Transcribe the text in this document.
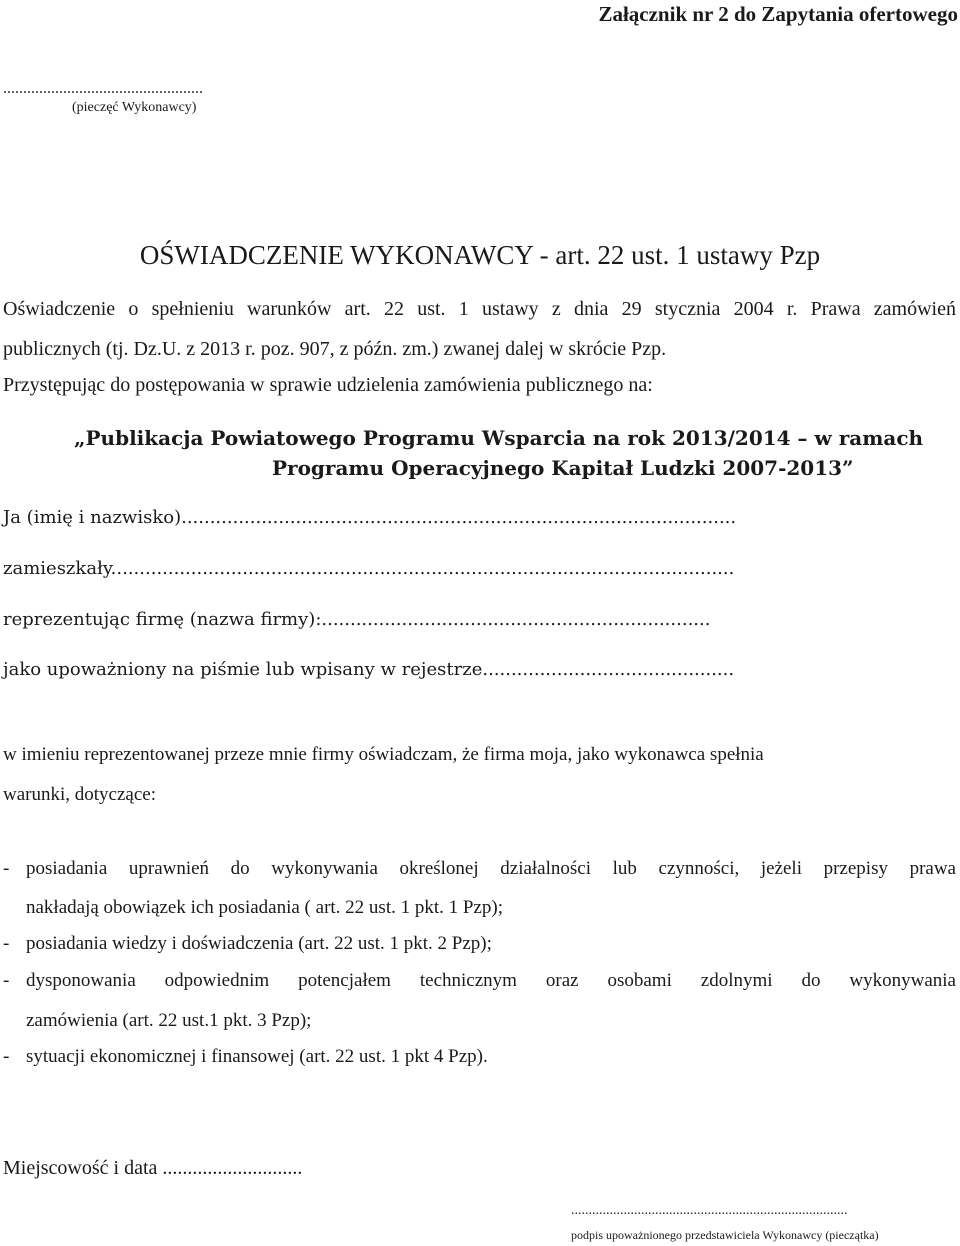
Załącznik nr 2 do Zapytania ofertowego
..................................................
(pieczęć Wykonawcy)
OŚWIADCZENIE WYKONAWCY - art. 22 ust. 1 ustawy Pzp
Oświadczenie o spełnieniu warunków art. 22 ust. 1 ustawy z dnia 29 stycznia 2004 r. Prawa zamówień
publicznych (tj. Dz.U. z 2013 r. poz. 907, z późn. zm.) zwanej dalej w skrócie Pzp.
Przystępując do postępowania w sprawie udzielenia zamówienia publicznego na:
„Publikacja Powiatowego Programu Wsparcia na rok 2013/2014 – w ramach
Programu Operacyjnego Kapitał Ludzki 2007-2013”
Ja (imię i nazwisko).................................................................................................
zamieszkały.............................................................................................................
reprezentując firmę (nazwa firmy):....................................................................
jako upoważniony na piśmie lub wpisany w rejestrze............................................
w imieniu reprezentowanej przeze mnie firmy oświadczam, że firma moja, jako wykonawca spełnia
warunki, dotyczące:
- posiadania uprawnień do wykonywania określonej działalności lub czynności, jeżeli przepisy prawa
nakładają obowiązek ich posiadania ( art. 22 ust. 1 pkt. 1 Pzp);
- posiadania wiedzy i doświadczenia (art. 22 ust. 1 pkt. 2 Pzp);
- dysponowania odpowiednim potencjałem technicznym oraz osobami zdolnymi do wykonywania
zamówienia (art. 22 ust.1 pkt. 3 Pzp);
- sytuacji ekonomicznej i finansowej (art. 22 ust. 1 pkt 4 Pzp).
Miejscowość i data ............................
...............................................................................
podpis upoważnionego przedstawiciela Wykonawcy (pieczątka)
